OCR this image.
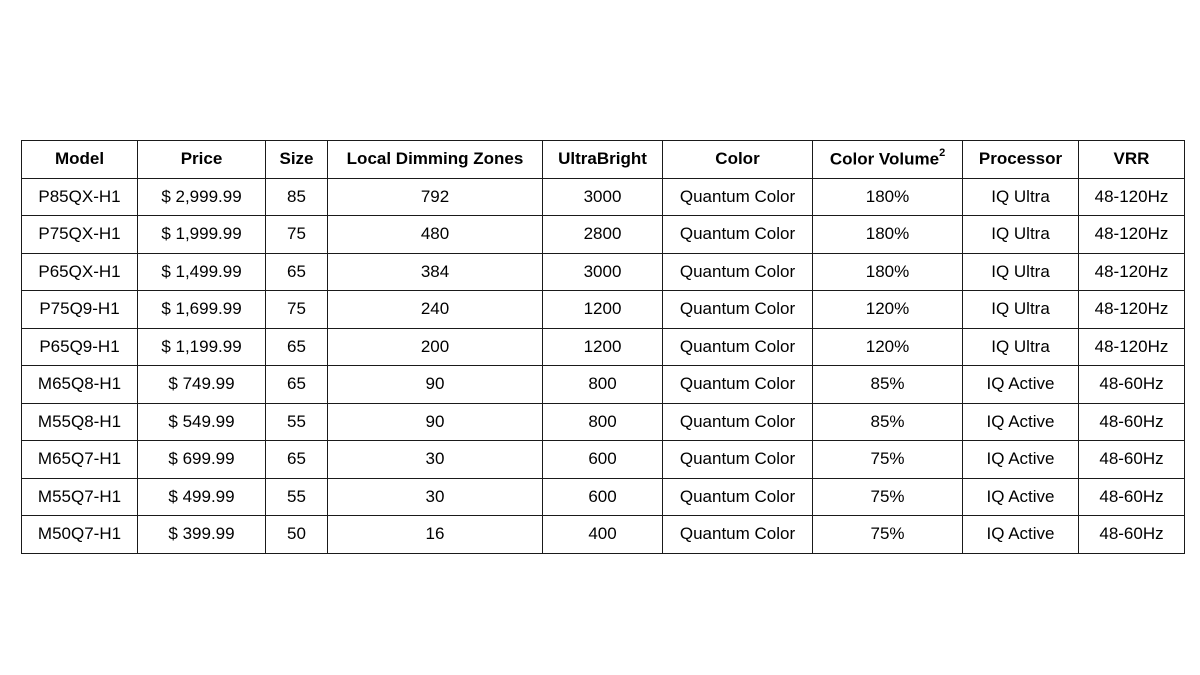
Model	Price	Size	Local Dimming Zones	UltraBright	Color	Color Volume$^2$	Processor	VRR
P85QX-H1	$ 2,999.99	85	792	3000	Quantum Color	180%	IQ Ultra	48-120Hz
P75QX-H1	$ 1,999.99	75	480	2800	Quantum Color	180%	IQ Ultra	48-120Hz
P65QX-H1	$ 1,499.99	65	384	3000	Quantum Color	180%	IQ Ultra	48-120Hz
P75Q9-H1	$ 1,699.99	75	240	1200	Quantum Color	120%	IQ Ultra	48-120Hz
P65Q9-H1	$ 1,199.99	65	200	1200	Quantum Color	120%	IQ Ultra	48-120Hz
M65Q8-H1	$ 749.99	65	90	800	Quantum Color	85%	IQ Active	48-60Hz
M55Q8-H1	$ 549.99	55	90	800	Quantum Color	85%	IQ Active	48-60Hz
M65Q7-H1	$ 699.99	65	30	600	Quantum Color	75%	IQ Active	48-60Hz
M55Q7-H1	$ 499.99	55	30	600	Quantum Color	75%	IQ Active	48-60Hz
M50Q7-H1	$ 399.99	50	16	400	Quantum Color	75%	IQ Active	48-60Hz
